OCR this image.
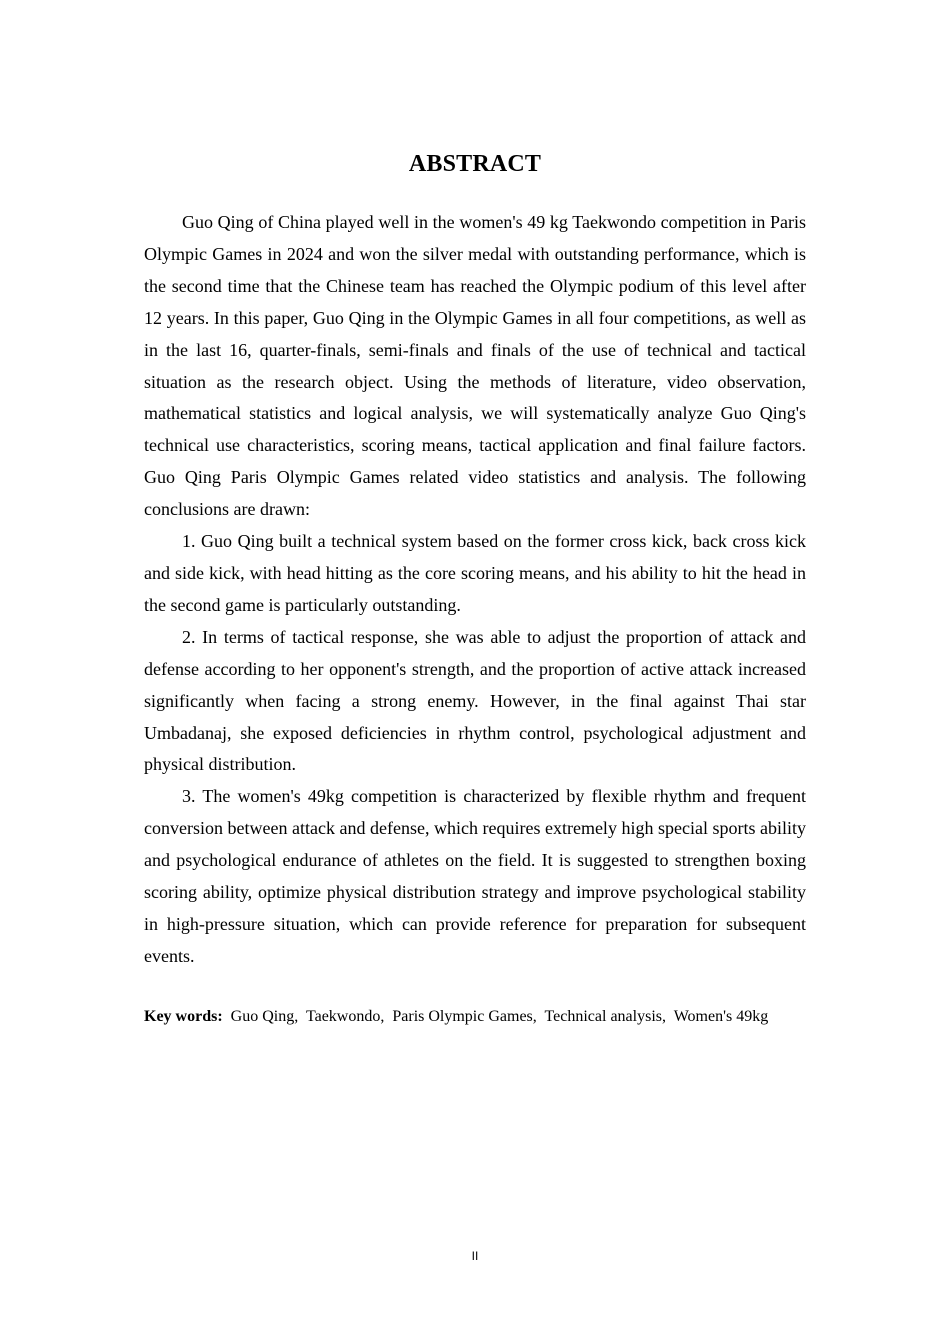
ABSTRACT

Guo Qing of China played well in the women's 49 kg Taekwondo competition in Paris Olympic Games in 2024 and won the silver medal with outstanding performance, which is the second time that the Chinese team has reached the Olympic podium of this level after 12 years. In this paper, Guo Qing in the Olympic Games in all four competitions, as well as in the last 16, quarter-finals, semi-finals and finals of the use of technical and tactical situation as the research object. Using the methods of literature, video observation, mathematical statistics and logical analysis, we will systematically analyze Guo Qing's technical use characteristics, scoring means, tactical application and final failure factors. Guo Qing Paris Olympic Games related video statistics and analysis. The following conclusions are drawn:

1. Guo Qing built a technical system based on the former cross kick, back cross kick and side kick, with head hitting as the core scoring means, and his ability to hit the head in the second game is particularly outstanding.

2. In terms of tactical response, she was able to adjust the proportion of attack and defense according to her opponent's strength, and the proportion of active attack increased significantly when facing a strong enemy. However, in the final against Thai star Umbadanaj, she exposed deficiencies in rhythm control, psychological adjustment and physical distribution.

3. The women's 49kg competition is characterized by flexible rhythm and frequent conversion between attack and defense, which requires extremely high special sports ability and psychological endurance of athletes on the field. It is suggested to strengthen boxing scoring ability, optimize physical distribution strategy and improve psychological stability in high-pressure situation, which can provide reference for preparation for subsequent events.

Key words: Guo Qing, Taekwondo, Paris Olympic Games, Technical analysis, Women's 49kg
II
